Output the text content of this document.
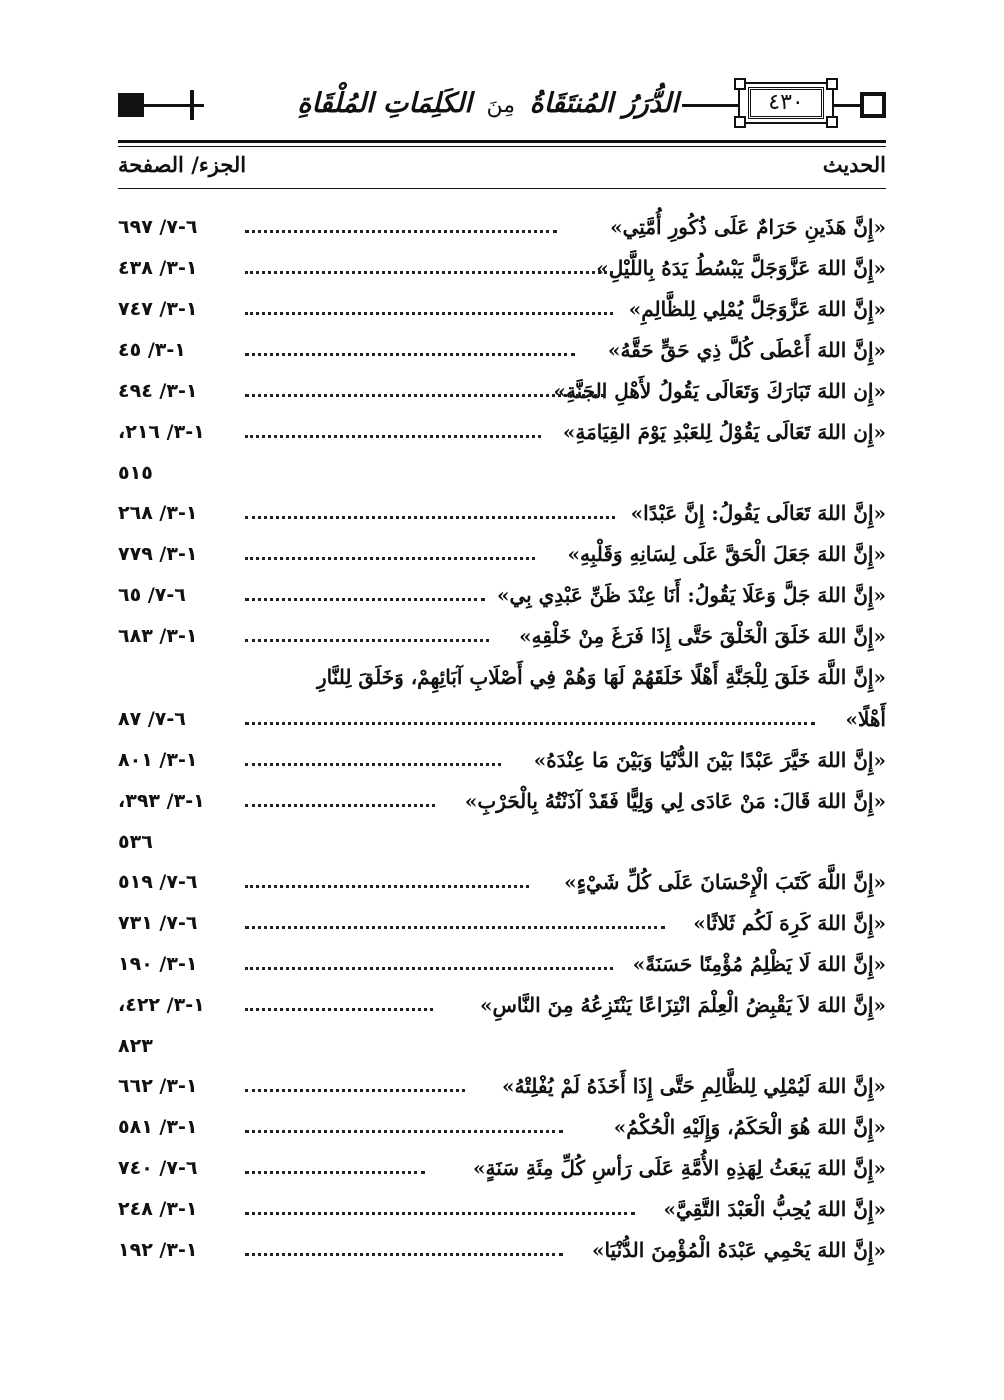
الدُّرَرُ المُنتَقَاةُ مِنَ الكَلِمَاتِ المُلْقَاةِ	٤٣٠
الحديث
الجزء/ الصفحة
«إِنَّ هَذَينِ حَرَامٌ عَلَى ذُكُورِ أُمَّتِي»
٦-٧/ ٦٩٧
«إِنَّ اللهَ عَزَّوَجَلَّ يَبْسُطُ يَدَهُ بِاللَّيْلِ»
١-٣/ ٤٣٨
«إِنَّ اللهَ عَزَّوَجَلَّ يُمْلِي لِلظَّالِمِ»
١-٣/ ٧٤٧
«إِنَّ اللهَ أَعْطَى كُلَّ ذِي حَقٍّ حَقَّهُ»
١-٣/ ٤٥
«إِن اللهَ تَبَارَكَ وَتَعَالَى يَقُولُ لأَهْلِ الجَنَّةِ»
١-٣/ ٤٩٤
«إِن اللهَ تَعَالَى يَقُوْلُ لِلعَبْدِ يَوْمَ القِيَامَةِ»
١-٣/ ٢١٦،
٥١٥
«إِنَّ اللهَ تَعَالَى يَقُولُ: إِنَّ عَبْدًا»
١-٣/ ٢٦٨
«إِنَّ اللهَ جَعَلَ الْحَقَّ عَلَى لِسَانِهِ وَقَلْبِهِ»
١-٣/ ٧٧٩
«إِنَّ اللهَ جَلَّ وَعَلَا يَقُولُ: أَنَا عِنْدَ ظَنِّ عَبْدِي بِي»
٦-٧/ ٦٥
«إِنَّ اللهَ خَلَقَ الْخَلْقَ حَتَّى إِذَا فَرَغَ مِنْ خَلْقِهِ»
١-٣/ ٦٨٣
«إِنَّ اللَّهَ خَلَقَ لِلْجَنَّةِ أَهْلًا خَلَقَهُمْ لَهَا وَهُمْ فِي أَصْلَابِ آبَائِهِمْ، وَخَلَقَ لِلنَّارِ
أَهْلًا»
٦-٧/ ٨٧
«إِنَّ اللهَ خَيَّرَ عَبْدًا بَيْنَ الدُّنْيَا وَبَيْنَ مَا عِنْدَهُ»
١-٣/ ٨٠١
«إِنَّ اللهَ قَالَ: مَنْ عَادَى لِي وَلِيًّا فَقَدْ آذَنْتُهُ بِالْحَرْبِ»
١-٣/ ٣٩٣،
٥٣٦
«إِنَّ اللَّهَ كَتَبَ الْإِحْسَانَ عَلَى كُلِّ شَيْءٍ»
٦-٧/ ٥١٩
«إِنَّ اللهَ كَرِهَ لَكُم ثَلاثًا»
٦-٧/ ٧٣١
«إِنَّ اللهَ لَا يَظْلِمُ مُؤْمِنًا حَسَنَةً»
١-٣/ ١٩٠
«إِنَّ اللهَ لاَ يَقْبِضُ الْعِلْمَ انْتِزَاعًا يَنْتَزِعُهُ مِنَ النَّاسِ»
١-٣/ ٤٢٢،
٨٢٣
«إِنَّ اللهَ لَيُمْلِي لِلظَّالِمِ حَتَّى إِذَا أَخَذَهُ لَمْ يُفْلِتْهُ»
١-٣/ ٦٦٢
«إِنَّ اللهَ هُوَ الْحَكَمُ، وَإِلَيْهِ الْحُكْمُ»
١-٣/ ٥٨١
«إِنَّ اللهَ يَبعَثُ لِهَذِهِ الأُمَّةِ عَلَى رَأسِ كُلِّ مِئَةِ سَنَةٍ»
٦-٧/ ٧٤٠
«إِنَّ اللهَ يُحِبُّ الْعَبْدَ التَّقِيَّ»
١-٣/ ٢٤٨
«إِنَّ اللهَ يَحْمِي عَبْدَهُ الْمُؤْمِنَ الدُّنْيَا»
١-٣/ ١٩٢
